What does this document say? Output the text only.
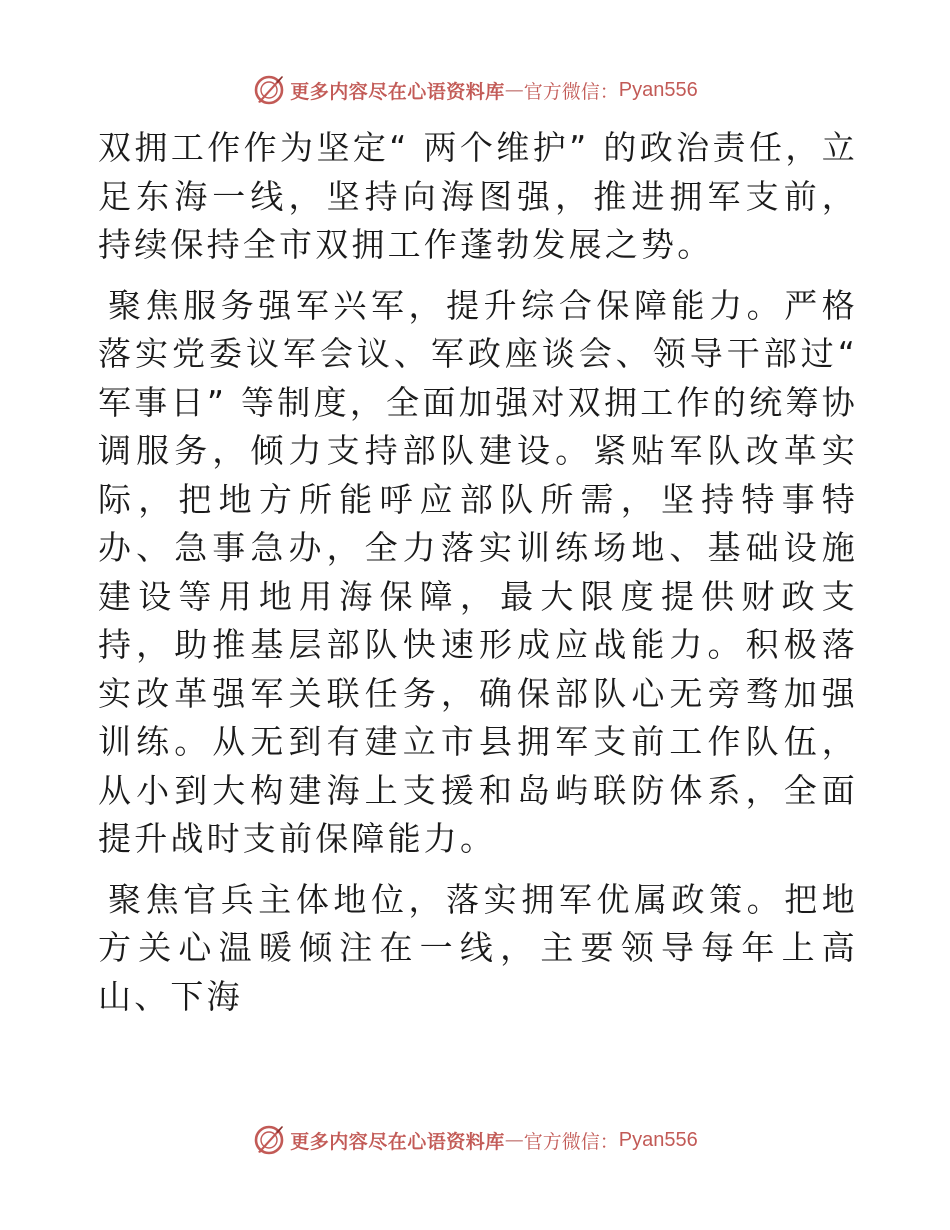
更多内容尽在心语资料库 — 官方微信： Pyan556

双拥工作作为坚定“ 两个维护” 的政治责任，立足东海一线，坚持向海图强，推进拥军支前，持续保持全市双拥工作蓬勃发展之势。

聚焦服务强军兴军，提升综合保障能力。严格落实党委议军会议、军政座谈会、领导干部过“ 军事日” 等制度，全面加强对双拥工作的统筹协调服务，倾力支持部队建设。紧贴军队改革实际，把地方所能呼应部队所需，坚持特事特办、急事急办，全力落实训练场地、基础设施建设等用地用海保障，最大限度提供财政支持，助推基层部队快速形成应战能力。积极落实改革强军关联任务，确保部队心无旁骛加强训练。从无到有建立市县拥军支前工作队伍，从小到大构建海上支援和岛屿联防体系，全面提升战时支前保障能力。

聚焦官兵主体地位，落实拥军优属政策。把地方关心温暖倾注在一线，主要领导每年上高山、下海

更多内容尽在心语资料库 — 官方微信： Pyan556
